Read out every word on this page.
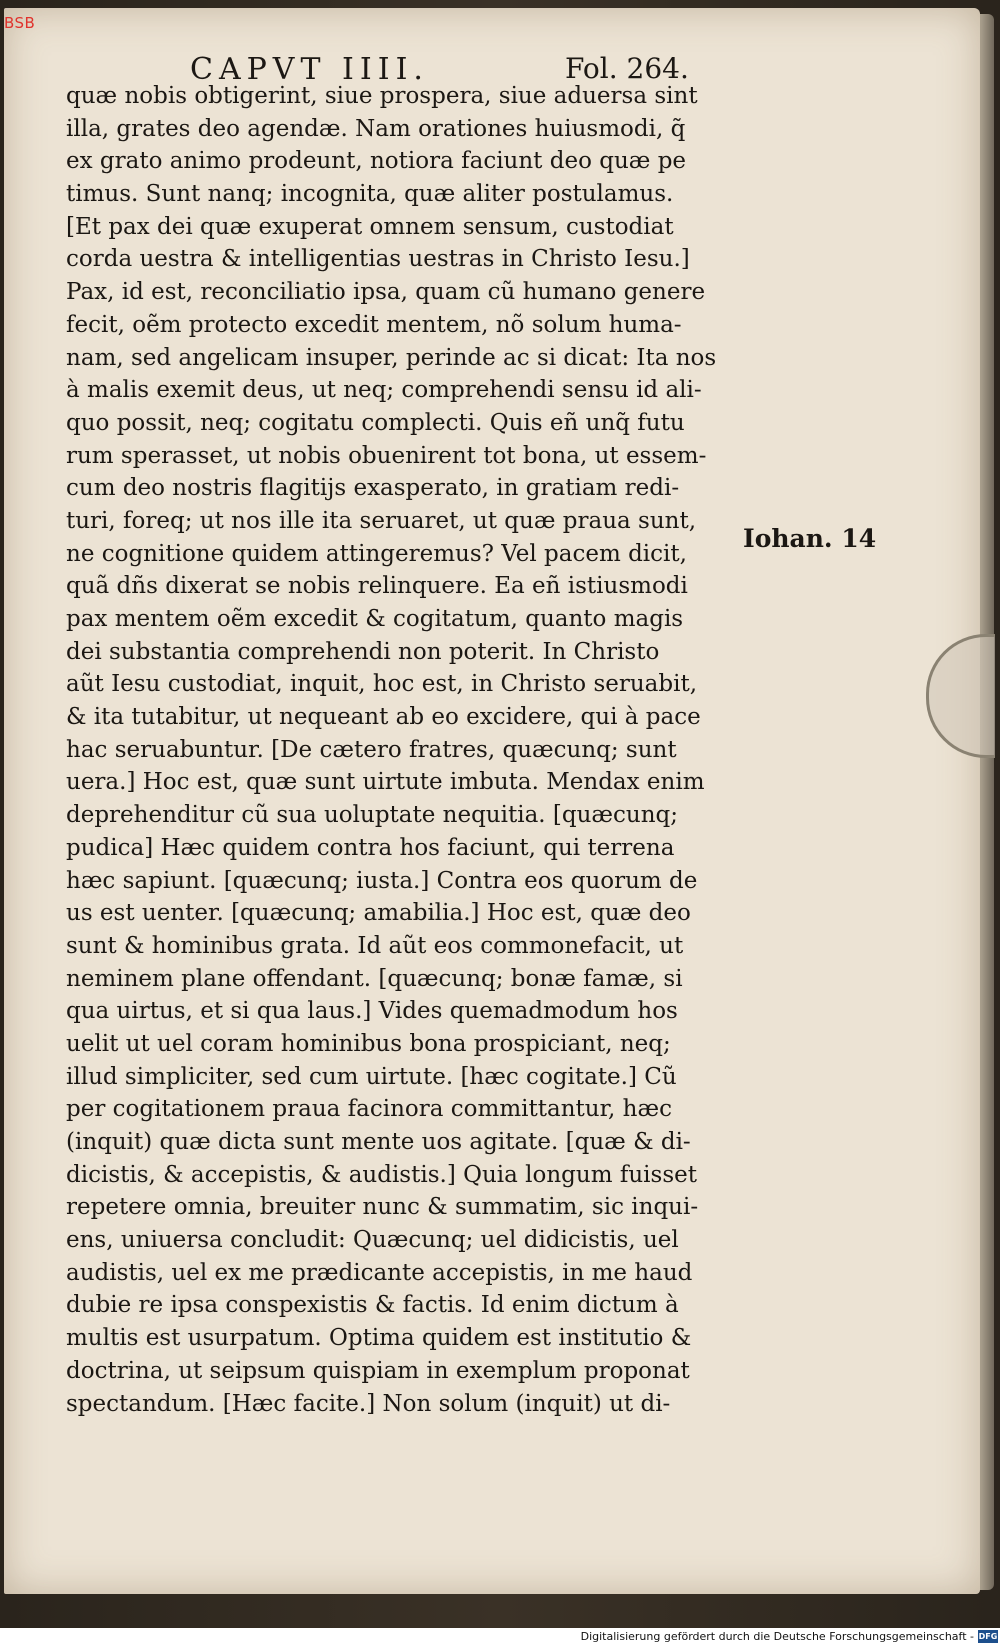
BSB
CAPVT IIII.	Fol. 264.
quæ nobis obtigerint, siue prospera, siue aduersa sint
illa, grates deo agendæ. Nam orationes huiusmodi, q̃
ex grato animo prodeunt, notiora faciunt deo quæ pe
timus. Sunt nanq; incognita, quæ aliter postulamus.
[Et pax dei quæ exuperat omnem sensum, custodiat
corda uestra & intelligentias uestras in Christo Iesu.]
Pax, id est, reconciliatio ipsa, quam cũ humano genere
fecit, oẽm protecto excedit mentem, nõ solum huma-
nam, sed angelicam insuper, perinde ac si dicat: Ita nos
à malis exemit deus, ut neq; comprehendi sensu id ali-
quo possit, neq; cogitatu complecti. Quis eñ unq̃ futu
rum sperasset, ut nobis obuenirent tot bona, ut essem-
cum deo nostris flagitijs exasperato, in gratiam redi-
turi, foreq; ut nos ille ita seruaret, ut quæ praua sunt,
ne cognitione quidem attingeremus? Vel pacem dicit,
quã dñs dixerat se nobis relinquere. Ea eñ istiusmodi
pax mentem oẽm excedit & cogitatum, quanto magis
dei substantia comprehendi non poterit. In Christo
aũt Iesu custodiat, inquit, hoc est, in Christo seruabit,
& ita tutabitur, ut nequeant ab eo excidere, qui à pace
hac seruabuntur. [De cætero fratres, quæcunq; sunt
uera.] Hoc est, quæ sunt uirtute imbuta. Mendax enim
deprehenditur cũ sua uoluptate nequitia. [quæcunq;
pudica] Hæc quidem contra hos faciunt, qui terrena
hæc sapiunt. [quæcunq; iusta.] Contra eos quorum de
us est uenter. [quæcunq; amabilia.] Hoc est, quæ deo
sunt & hominibus grata. Id aũt eos commonefacit, ut
neminem plane offendant. [quæcunq; bonæ famæ, si
qua uirtus, et si qua laus.] Vides quemadmodum hos
uelit ut uel coram hominibus bona prospiciant, neq;
illud simpliciter, sed cum uirtute. [hæc cogitate.] Cũ
per cogitationem praua facinora committantur, hæc
(inquit) quæ dicta sunt mente uos agitate. [quæ & di-
dicistis, & accepistis, & audistis.] Quia longum fuisset
repetere omnia, breuiter nunc & summatim, sic inqui-
ens, uniuersa concludit: Quæcunq; uel didicistis, uel
audistis, uel ex me prædicante accepistis, in me haud
dubie re ipsa conspexistis & factis. Id enim dictum à
multis est usurpatum. Optima quidem est institutio &
doctrina, ut seipsum quispiam in exemplum proponat
spectandum. [Hæc facite.] Non solum (inquit) ut di-
Iohan. 14
Digitalisierung gefördert durch die Deutsche Forschungsgemeinschaft - DFG
